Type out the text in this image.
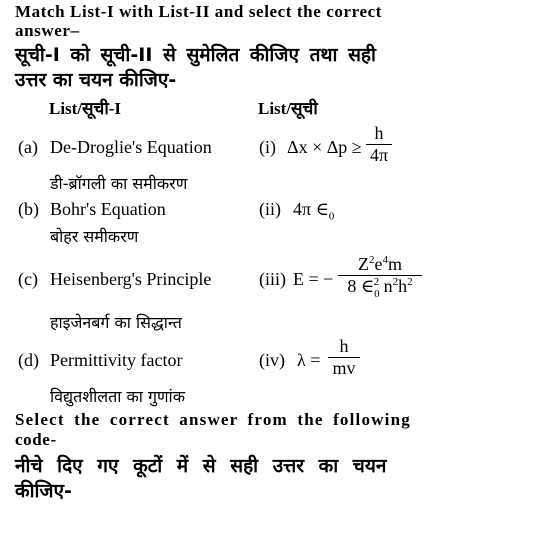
Match List-I with List-II and select the correct
answer–
सूची-I को सूची-II से सुमेलित कीजिए तथा सही
उत्तर का चयन कीजिए-
List/सूची-I	List/सूची
(a) De-Droglie's Equation
डी-ब्रॉगली का समीकरण
(i) Δx × Δp ≥
h
4π
(b) Bohr's Equation
बोहर समीकरण
(ii) 4π $\in_0$
(c) Heisenberg's Principle
हाइजेनबर्ग का सिद्धान्त
(iii) E = −
$Z^2e^4m$
8 $\in_0^2$ $n^2h^2$
(d) Permittivity factor
विद्युतशीलता का गुणांक
(iv) λ =
h
mv
Select the correct answer from the following
code-
नीचे दिए गए कूटों में से सही उत्तर का चयन
कीजिए-
